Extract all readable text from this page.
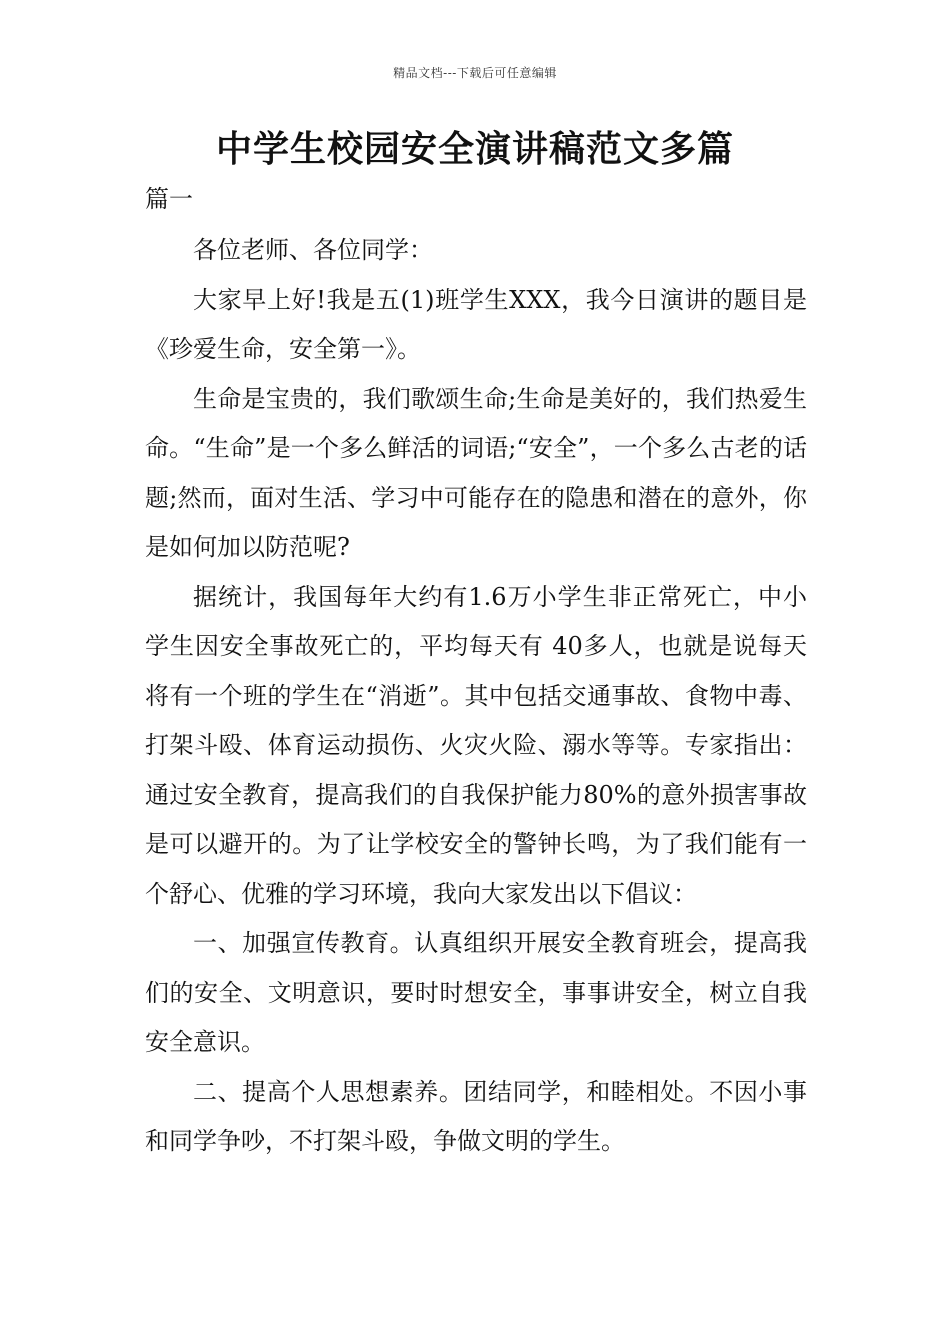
精品文档---下载后可任意编辑
中学生校园安全演讲稿范文多篇
篇一

各位老师、各位同学：

大家早上好!我是五(1)班学生XXX，我今日演讲的题目是《珍爱生命，安全第一》。

生命是宝贵的，我们歌颂生命;生命是美好的，我们热爱生命。“生命”是一个多么鲜活的词语;“安全”，一个多么古老的话题;然而，面对生活、学习中可能存在的隐患和潜在的意外，你是如何加以防范呢?

据统计，我国每年大约有1.6万小学生非正常死亡，中小学生因安全事故死亡的，平均每天有 40多人，也就是说每天将有一个班的学生在“消逝”。其中包括交通事故、食物中毒、打架斗殴、体育运动损伤、火灾火险、溺水等等。专家指出：通过安全教育，提高我们的自我保护能力80%的意外损害事故是可以避开的。为了让学校安全的警钟长鸣，为了我们能有一个舒心、优雅的学习环境，我向大家发出以下倡议：

一、加强宣传教育。认真组织开展安全教育班会，提高我们的安全、文明意识，要时时想安全，事事讲安全，树立自我安全意识。

二、提高个人思想素养。团结同学，和睦相处。不因小事和同学争吵，不打架斗殴，争做文明的学生。
